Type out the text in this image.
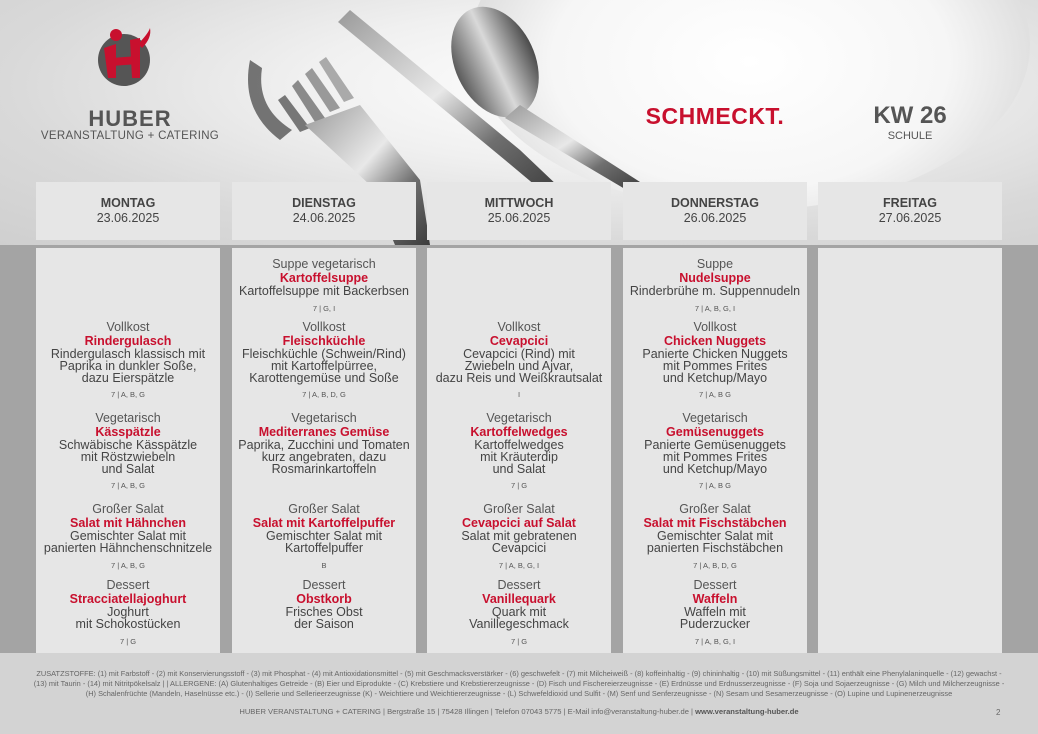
HUBER
VERANSTALTUNG + CATERING
SCHMECKT.	KW 26
SCHULE
MONTAG
23.06.2025
DIENSTAG
24.06.2025
MITTWOCH
25.06.2025
DONNERSTAG
26.06.2025
FREITAG
27.06.2025
Vollkost
Rindergulasch
Rindergulasch klassisch mit
Paprika in dunkler Soße,
dazu Eierspätzle
7 | A, B, G
Vegetarisch
Kässpätzle
Schwäbische Kässpätzle
mit Röstzwiebeln
und Salat
7 | A, B, G
Großer Salat
Salat mit Hähnchen
Gemischter Salat mit
panierten Hähnchenschnitzele
7 | A, B, G
Dessert
Stracciatellajoghurt
Joghurt
mit Schokostücken
7 | G
Suppe vegetarisch
Kartoffelsuppe
Kartoffelsuppe mit Backerbsen
7 | G, I
Vollkost
Fleischküchle
Fleischküchle (Schwein/Rind)
mit Kartoffelpürree,
Karottengemüse und Soße
7 | A, B, D, G
Vegetarisch
Mediterranes Gemüse
Paprika, Zucchini und Tomaten
kurz angebraten, dazu
Rosmarinkartoffeln
Großer Salat
Salat mit Kartoffelpuffer
Gemischter Salat mit
Kartoffelpuffer
B
Dessert
Obstkorb
Frisches Obst
der Saison
Vollkost
Cevapcici
Cevapcici (Rind) mit
Zwiebeln und Ajvar,
dazu Reis und Weißkrautsalat
I
Vegetarisch
Kartoffelwedges
Kartoffelwedges
mit Kräuterdip
und Salat
7 | G
Großer Salat
Cevapcici auf Salat
Salat mit gebratenen
Cevapcici
7 | A, B, G, I
Dessert
Vanillequark
Quark mit
Vanillegeschmack
7 | G
Suppe
Nudelsuppe
Rinderbrühe m. Suppennudeln
7 | A, B, G, I
Vollkost
Chicken Nuggets
Panierte Chicken Nuggets
mit Pommes Frites
und Ketchup/Mayo
7 | A, B G
Vegetarisch
Gemüsenuggets
Panierte Gemüsenuggets
mit Pommes Frites
und Ketchup/Mayo
7 | A, B G
Großer Salat
Salat mit Fischstäbchen
Gemischter Salat mit
panierten Fischstäbchen
7 | A, B, D, G
Dessert
Waffeln
Waffeln mit
Puderzucker
7 | A, B, G, I
ZUSATZSTOFFE: (1) mit Farbstoff - (2) mit Konservierungsstoff - (3) mit Phosphat - (4) mit Antioxidationsmittel - (5) mit Geschmacksverstärker - (6) geschwefelt - (7) mit Milcheiweiß - (8) koffeinhaltig - (9) chininhaltig - (10) mit Süßungsmittel - (11) enthält eine Phenylalaninquelle - (12) gewachst - (13) mit Taurin - (14) mit Nitritpökelsalz | | ALLERGENE: (A) Glutenhaltiges Getreide - (B) Eier und Eiprodukte - (C) Krebstiere und Krebstiererzeugnisse - (D) Fisch und Fischereierzeugnisse - (E) Erdnüsse und Erdnusserzeugnisse - (F) Soja und Sojaerzeugnisse - (G) Milch und Milcherzeugnisse - (H) Schalenfrüchte (Mandeln, Haselnüsse etc.) - (I) Sellerie und Sellerieerzeugnisse (K) - Weichtiere und Weichtiererzeugnisse - (L) Schwefeldioxid und Sulfit - (M) Senf und Senferzeugnisse - (N) Sesam und Sesamerzeugnisse - (O) Lupine und Lupinenerzeugnisse
HUBER VERANSTALTUNG + CATERING | Bergstraße 15 | 75428 Illingen | Telefon 07043 5775 | E-Mail info@veranstaltung-huber.de | www.veranstaltung-huber.de	2
